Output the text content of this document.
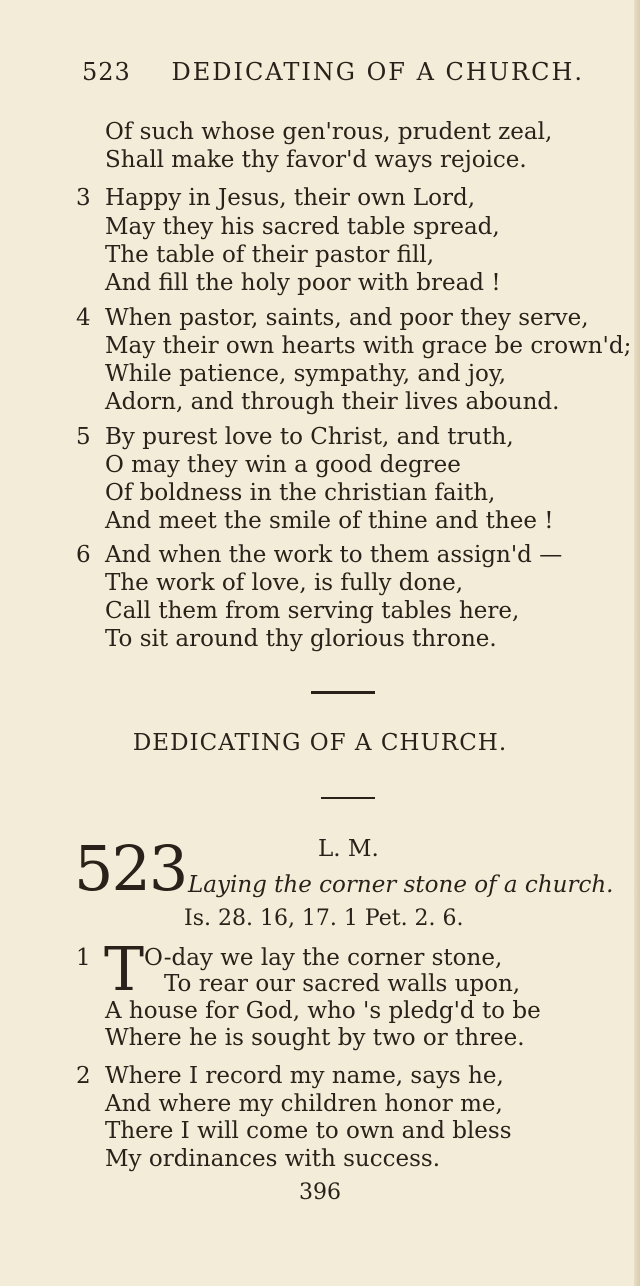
523 DEDICATING OF A CHURCH.
Of such whose gen'rous, prudent zeal,
Shall make thy favor'd ways rejoice.
3 Happy in Jesus, their own Lord,
May they his sacred table spread,
The table of their pastor fill,
And fill the holy poor with bread !
4 When pastor, saints, and poor they serve,
May their own hearts with grace be crown'd;
While patience, sympathy, and joy,
Adorn, and through their lives abound.
5 By purest love to Christ, and truth,
O may they win a good degree
Of boldness in the christian faith,
And meet the smile of thine and thee !
6 And when the work to them assign'd —
The work of love, is fully done,
Call them from serving tables here,
To sit around thy glorious throne.
DEDICATING OF A CHURCH.
523	L. M.
Laying the corner stone of a church.
Is. 28. 16, 17. 1 Pet. 2. 6.
1 T O-day we lay the corner stone,
To rear our sacred walls upon,
A house for God, who 's pledg'd to be
Where he is sought by two or three.
2 Where I record my name, says he,
And where my children honor me,
There I will come to own and bless
My ordinances with success.
396
